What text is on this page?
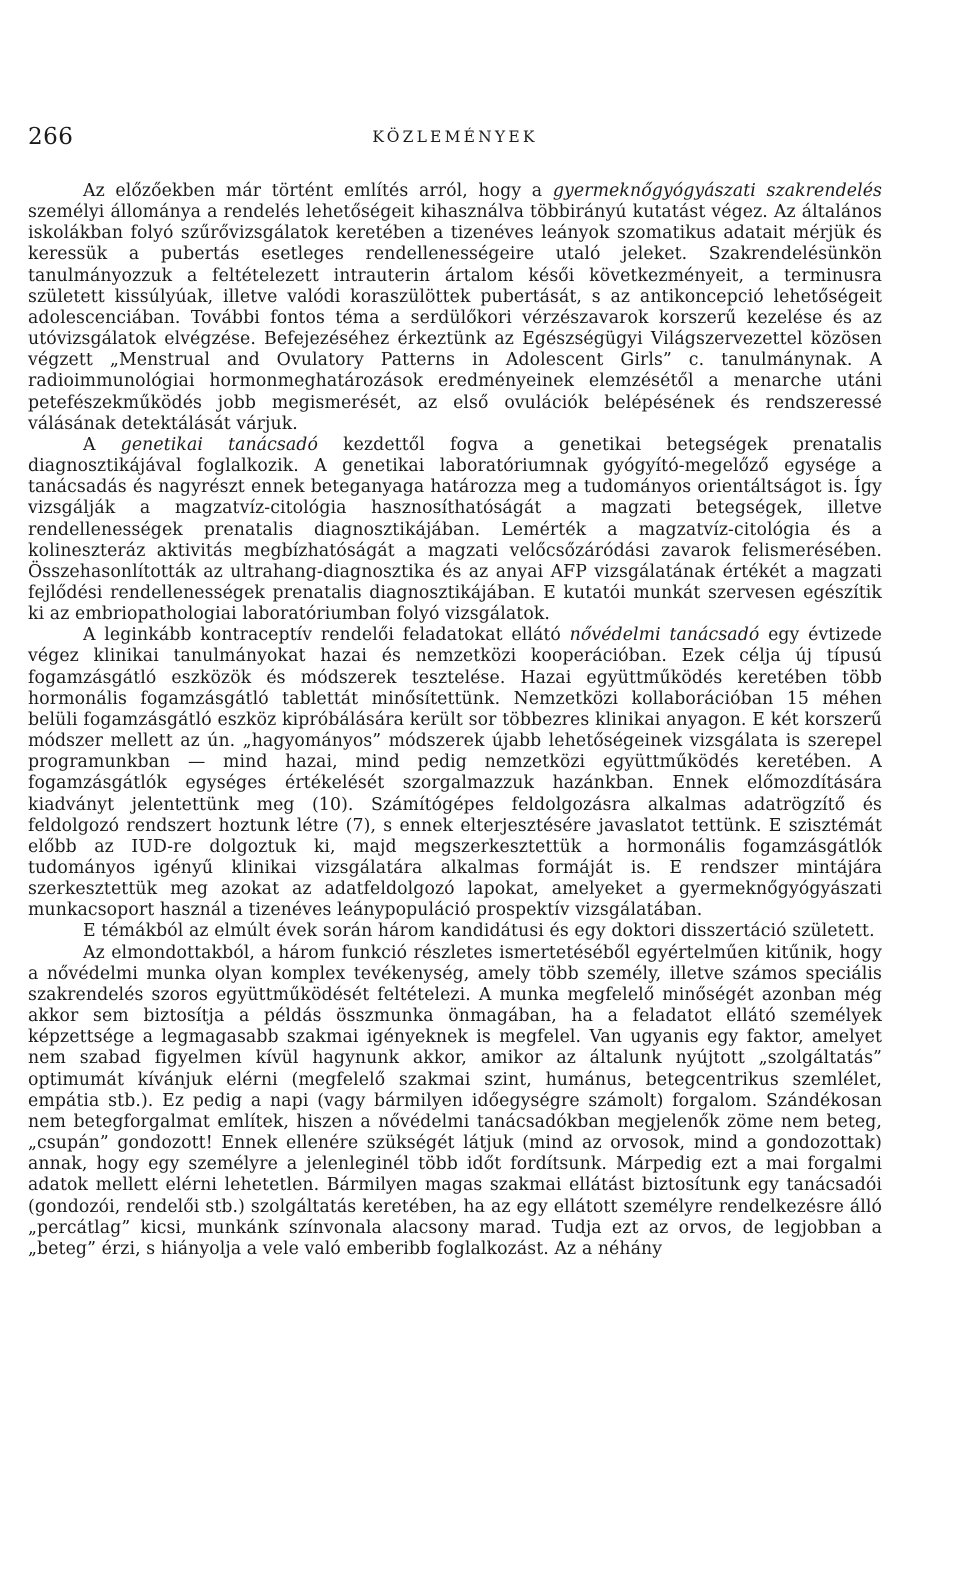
266	KÖZLEMÉNYEK

Az előzőekben már történt említés arról, hogy a gyermeknőgyógyászati szakrendelés személyi állománya a rendelés lehetőségeit kihasználva többirányú kutatást végez. Az általános iskolákban folyó szűrővizsgálatok keretében a tizenéves leányok szomatikus adatait mérjük és keressük a pubertás esetleges rendellenességeire utaló jeleket. Szakrendelésünkön tanulmányozzuk a feltételezett intrauterin ártalom késői következményeit, a terminusra született kissúlyúak, illetve valódi koraszülöttek pubertását, s az antikoncepció lehetőségeit adolescenciában. További fontos téma a serdülőkori vérzészavarok korszerű kezelése és az utóvizsgálatok elvégzése. Befejezéséhez érkeztünk az Egészségügyi Világszervezettel közösen végzett „Menstrual and Ovulatory Patterns in Adolescent Girls” c. tanulmánynak. A radioimmunológiai hormonmeghatározások eredményeinek elemzésétől a menarche utáni petefészekműködés jobb megismerését, az első ovulációk belépésének és rendszeressé válásának detektálását várjuk.

A genetikai tanácsadó kezdettől fogva a genetikai betegségek prenatalis diagnosztikájával foglalkozik. A genetikai laboratóriumnak gyógyító-megelőző egysége a tanácsadás és nagyrészt ennek beteganyaga határozza meg a tudományos orientáltságot is. Így vizsgálják a magzatvíz-citológia hasznosíthatóságát a magzati betegségek, illetve rendellenességek prenatalis diagnosztikájában. Lemérték a magzatvíz-citológia és a kolineszteráz aktivitás megbízhatóságát a magzati velőcsőzáródási zavarok felismerésében. Összehasonlították az ultrahang-diagnosztika és az anyai AFP vizsgálatának értékét a magzati fejlődési rendellenességek prenatalis diagnosztikájában. E kutatói munkát szervesen egészítik ki az embriopathologiai laboratóriumban folyó vizsgálatok.

A leginkább kontraceptív rendelői feladatokat ellátó nővédelmi tanácsadó egy évtizede végez klinikai tanulmányokat hazai és nemzetközi kooperációban. Ezek célja új típusú fogamzásgátló eszközök és módszerek tesztelése. Hazai együttműködés keretében több hormonális fogamzásgátló tablettát minősítettünk. Nemzetközi kollaborációban 15 méhen belüli fogamzásgátló eszköz kipróbálására került sor többezres klinikai anyagon. E két korszerű módszer mellett az ún. „hagyományos” módszerek újabb lehetőségeinek vizsgálata is szerepel programunkban — mind hazai, mind pedig nemzetközi együttműködés keretében. A fogamzásgátlók egységes értékelését szorgalmazzuk hazánkban. Ennek előmozdítására kiadványt jelentettünk meg (10). Számítógépes feldolgozásra alkalmas adatrögzítő és feldolgozó rendszert hoztunk létre (7), s ennek elterjesztésére javaslatot tettünk. E szisztémát előbb az IUD-re dolgoztuk ki, majd megszerkesztettük a hormonális fogamzásgátlók tudományos igényű klinikai vizsgálatára alkalmas formáját is. E rendszer mintájára szerkesztettük meg azokat az adatfeldolgozó lapokat, amelyeket a gyermeknőgyógyászati munkacsoport használ a tizenéves leánypopuláció prospektív vizsgálatában.

E témákból az elmúlt évek során három kandidátusi és egy doktori disszertáció született.

Az elmondottakból, a három funkció részletes ismertetéséből egyértelműen kitűnik, hogy a nővédelmi munka olyan komplex tevékenység, amely több személy, illetve számos speciális szakrendelés szoros együttműködését feltételezi. A munka megfelelő minőségét azonban még akkor sem biztosítja a példás összmunka önmagában, ha a feladatot ellátó személyek képzettsége a legmagasabb szakmai igényeknek is megfelel. Van ugyanis egy faktor, amelyet nem szabad figyelmen kívül hagynunk akkor, amikor az általunk nyújtott „szolgáltatás” optimumát kívánjuk elérni (megfelelő szakmai szint, humánus, betegcentrikus szemlélet, empátia stb.). Ez pedig a napi (vagy bármilyen időegységre számolt) forgalom. Szándékosan nem betegforgalmat említek, hiszen a nővédelmi tanácsadókban megjelenők zöme nem beteg, „csupán” gondozott! Ennek ellenére szükségét látjuk (mind az orvosok, mind a gondozottak) annak, hogy egy személyre a jelenleginél több időt fordítsunk. Márpedig ezt a mai forgalmi adatok mellett elérni lehetetlen. Bármilyen magas szakmai ellátást biztosítunk egy tanácsadói (gondozói, rendelői stb.) szolgáltatás keretében, ha az egy ellátott személyre rendelkezésre álló „percátlag” kicsi, munkánk színvonala alacsony marad. Tudja ezt az orvos, de legjobban a „beteg” érzi, s hiányolja a vele való emberibb foglalkozást. Az a néhány
